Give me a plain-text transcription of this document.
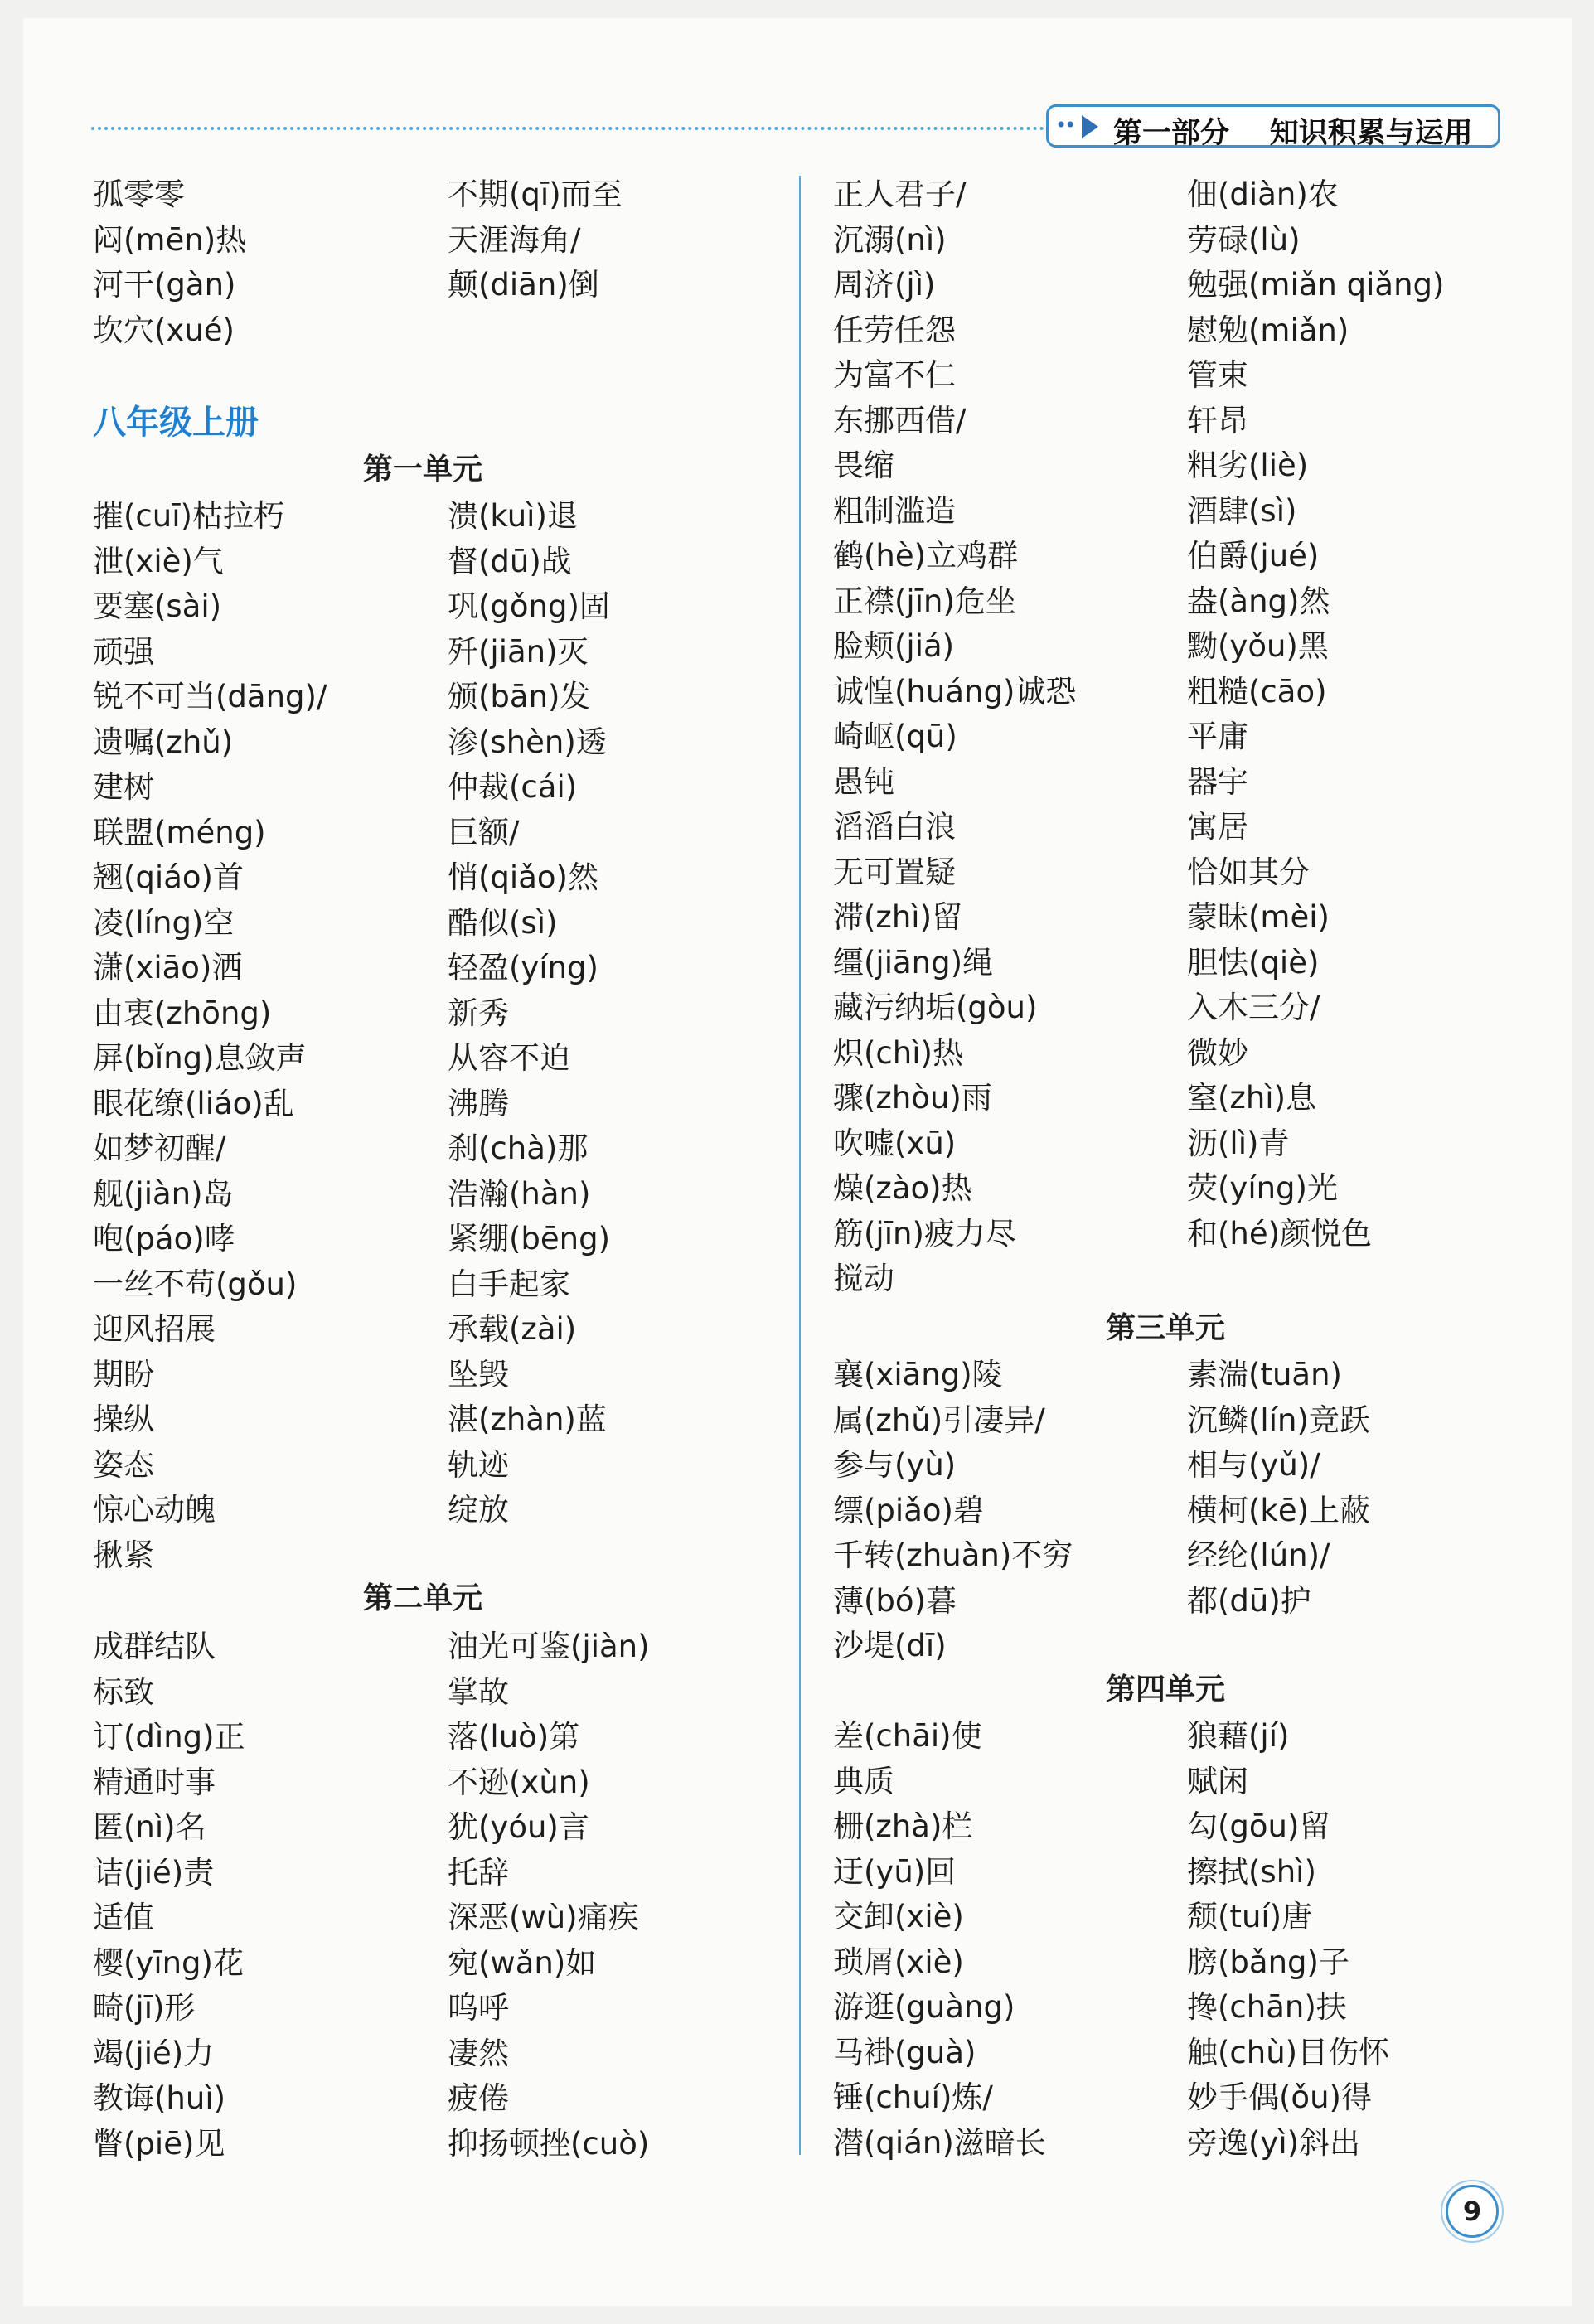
•• 第一部分    知识积累与运用
孤零零
闷(mēn)热
河干(gàn)
坎穴(xué)
不期(qī)而至
天涯海角/
颠(diān)倒
八年级上册
第一单元
摧(cuī)枯拉朽
泄(xiè)气
要塞(sài)
顽强
锐不可当(dāng)/
遗嘱(zhǔ)
建树
联盟(méng)
翘(qiáo)首
凌(líng)空
潇(xiāo)洒
由衷(zhōng)
屏(bǐng)息敛声
眼花缭(liáo)乱
如梦初醒/
舰(jiàn)岛
咆(páo)哮
一丝不苟(gǒu)
迎风招展
期盼
操纵
姿态
惊心动魄
揪紧
溃(kuì)退
督(dū)战
巩(gǒng)固
歼(jiān)灭
颁(bān)发
渗(shèn)透
仲裁(cái)
巨额/
悄(qiǎo)然
酷似(sì)
轻盈(yíng)
新秀
从容不迫
沸腾
刹(chà)那
浩瀚(hàn)
紧绷(bēng)
白手起家
承载(zài)
坠毁
湛(zhàn)蓝
轨迹
绽放
第二单元
成群结队
标致
订(dìng)正
精通时事
匿(nì)名
诘(jié)责
适值
樱(yīng)花
畸(jī)形
竭(jié)力
教诲(huì)
瞥(piē)见
油光可鉴(jiàn)
掌故
落(luò)第
不逊(xùn)
犹(yóu)言
托辞
深恶(wù)痛疾
宛(wǎn)如
呜呼
凄然
疲倦
抑扬顿挫(cuò)
正人君子/
沉溺(nì)
周济(jì)
任劳任怨
为富不仁
东挪西借/
畏缩
粗制滥造
鹤(hè)立鸡群
正襟(jīn)危坐
脸颊(jiá)
诚惶(huáng)诚恐
崎岖(qū)
愚钝
滔滔白浪
无可置疑
滞(zhì)留
缰(jiāng)绳
藏污纳垢(gòu)
炽(chì)热
骤(zhòu)雨
吹嘘(xū)
燥(zào)热
筋(jīn)疲力尽
搅动
佃(diàn)农
劳碌(lù)
勉强(miǎn qiǎng)
慰勉(miǎn)
管束
轩昂
粗劣(liè)
酒肆(sì)
伯爵(jué)
盎(àng)然
黝(yǒu)黑
粗糙(cāo)
平庸
器宇
寓居
恰如其分
蒙昧(mèi)
胆怯(qiè)
入木三分/
微妙
窒(zhì)息
沥(lì)青
荧(yíng)光
和(hé)颜悦色
第三单元
襄(xiāng)陵
属(zhǔ)引凄异/
参与(yù)
缥(piǎo)碧
千转(zhuàn)不穷
薄(bó)暮
沙堤(dī)
素湍(tuān)
沉鳞(lín)竞跃
相与(yǔ)/
横柯(kē)上蔽
经纶(lún)/
都(dū)护
第四单元
差(chāi)使
典质
栅(zhà)栏
迂(yū)回
交卸(xiè)
琐屑(xiè)
游逛(guàng)
马褂(guà)
锤(chuí)炼/
潜(qián)滋暗长
狼藉(jí)
赋闲
勾(gōu)留
擦拭(shì)
颓(tuí)唐
膀(bǎng)子
搀(chān)扶
触(chù)目伤怀
妙手偶(ǒu)得
旁逸(yì)斜出
9
